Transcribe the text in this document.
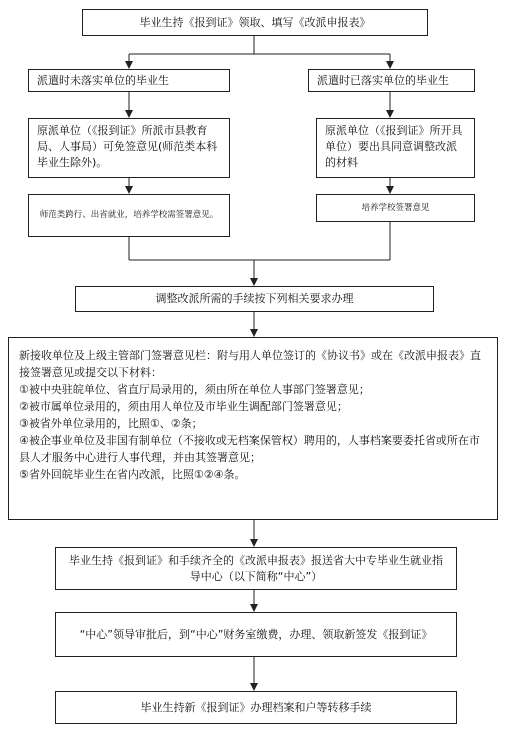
毕业生持《报到证》领取、填写《改派申报表》
派遣时未落实单位的毕业生	派遣时已落实单位的毕业生
原派单位（《报到证》所派市县教育局、人事局）可免签意见(师范类本科毕业生除外)。
原派单位（《报到证》所开具单位）要出具同意调整改派的材料
师范类跨行、出省就业，培养学校需签署意见。
培养学校签署意见
调整改派所需的手续按下列相关要求办理

新接收单位及上级主管部门签署意见栏：附与用人单位签订的《协议书》或在《改派申报表》直接签署意见或提交以下材料：

①被中央驻皖单位、省直厅局录用的，须由所在单位人事部门签署意见；

②被市属单位录用的，须由用人单位及市毕业生调配部门签署意见；

③被省外单位录用的，比照①、②条；

④被企事业单位及非国有制单位（不接收或无档案保管权）聘用的，人事档案要委托省或所在市县人才服务中心进行人事代理，并由其签署意见；

⑤省外回皖毕业生在省内改派，比照①②④条。

毕业生持《报到证》和手续齐全的《改派申报表》报送省大中专毕业生就业指导中心（以下简称“中心”）
“中心”领导审批后，到“中心”财务室缴费，办理、领取新签发《报到证》
毕业生持新《报到证》办理档案和户等转移手续
